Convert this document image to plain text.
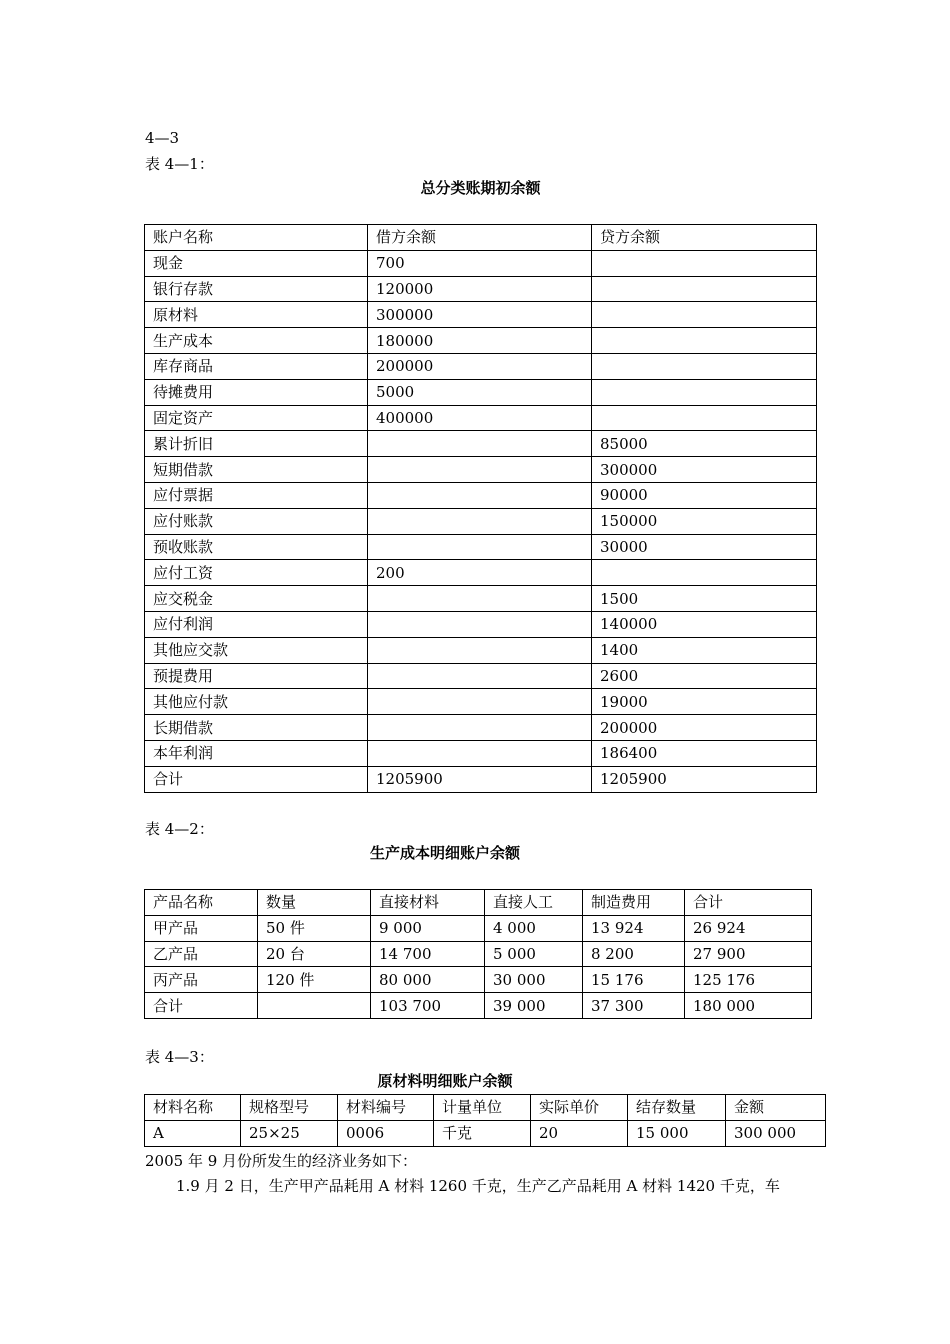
4—3
表 4—1：
总分类账期初余额
账户名称	借方余额	贷方余额
现金	700	
银行存款	120000	
原材料	300000	
生产成本	180000	
库存商品	200000	
待摊费用	5000	
固定资产	400000	
累计折旧		85000
短期借款		300000
应付票据		90000
应付账款		150000
预收账款		30000
应付工资	200	
应交税金		1500
应付利润		140000
其他应交款		1400
预提费用		2600
其他应付款		19000
长期借款		200000
本年利润		186400
合计	1205900	1205900
表 4—2：
生产成本明细账户余额
产品名称	数量	直接材料	直接人工	制造费用	合计
甲产品	50 件	9 000	4 000	13 924	26 924
乙产品	20 台	14 700	5 000	8 200	27 900
丙产品	120 件	80 000	30 000	15 176	125 176
合计		103 700	39 000	37 300	180 000
表 4—3：
原材料明细账户余额
材料名称	规格型号	材料编号	计量单位	实际单价	结存数量	金额
A	25×25	0006	千克	20	15 000	300 000
2005 年 9 月份所发生的经济业务如下：
1.9 月 2 日，生产甲产品耗用 A 材料 1260 千克，生产乙产品耗用 A 材料 1420 千克，车
